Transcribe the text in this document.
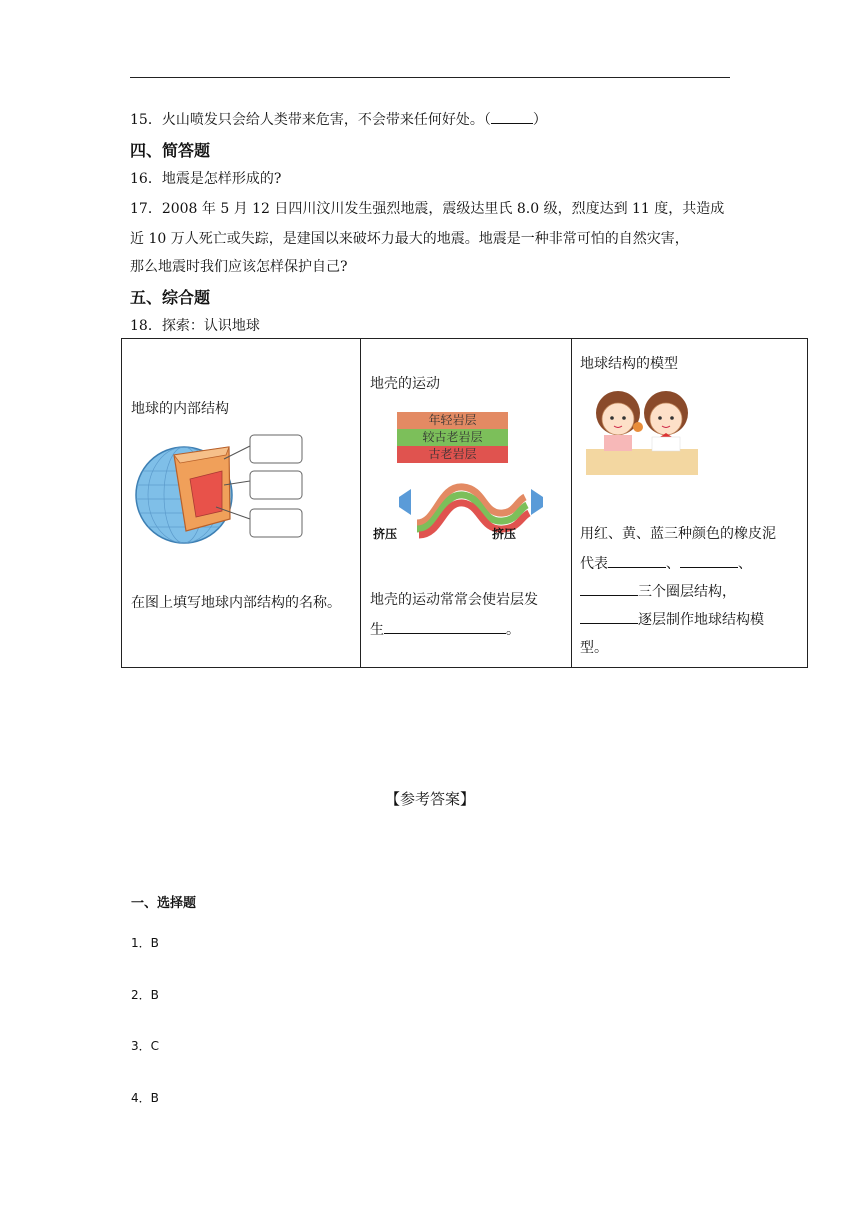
15．火山喷发只会给人类带来危害，不会带来任何好处。（	）
四、简答题
16．地震是怎样形成的?
17．2008 年 5 月 12 日四川汶川发生强烈地震，震级达里氏 8.0 级，烈度达到 11 度，共造成
近 10 万人死亡或失踪，是建国以来破坏力最大的地震。地震是一种非常可怕的自然灾害，
那么地震时我们应该怎样保护自己?
五、综合题
18．探索：认识地球
地球的内部结构
在图上填写地球内部结构的名称。

地壳的运动
年轻岩层
较古老岩层
古老岩层
挤压	挤压
地壳的运动常常会使岩层发
生	。

地球结构的模型
用红、黄、蓝三种颜色的橡皮泥
代表	、	、
三个圈层结构，
逐层制作地球结构模
型。
【参考答案】
一、选择题
1．B
2．B
3．C
4．B
